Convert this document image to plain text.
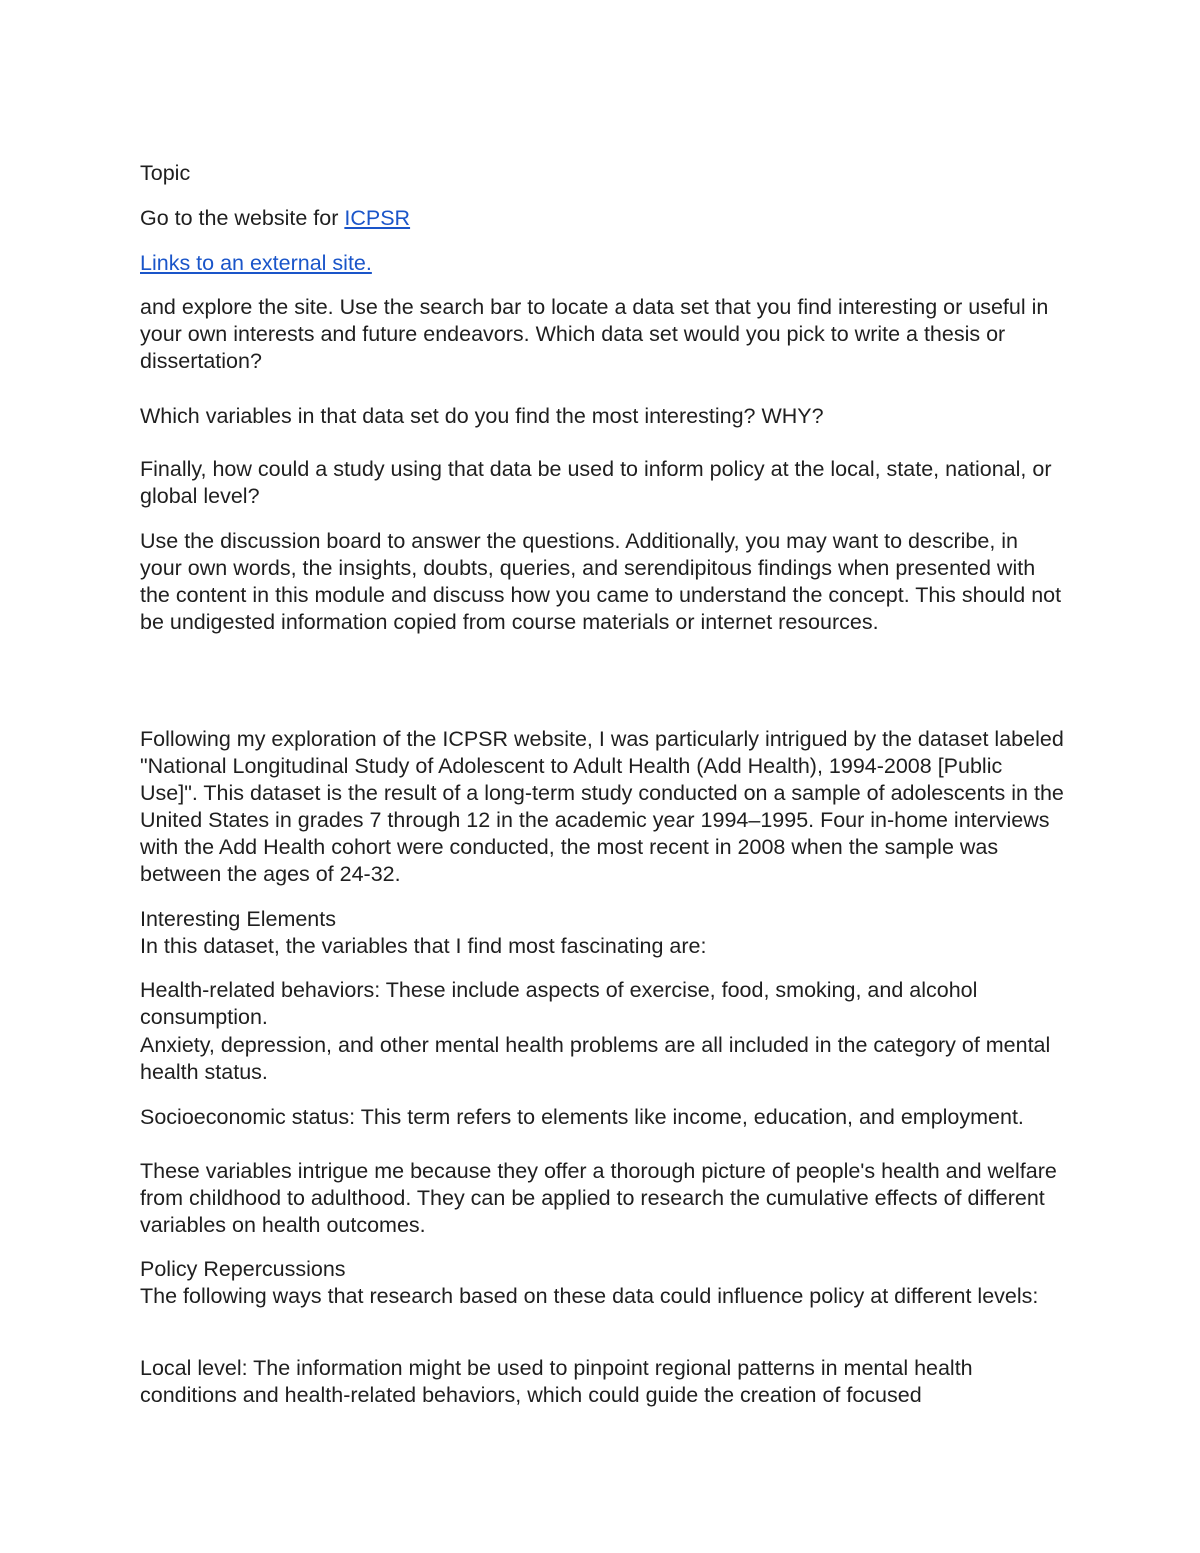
Topic

Go to the website for ICPSR

Links to an external site.

and explore the site. Use the search bar to locate a data set that you find interesting or useful in your own interests and future endeavors. Which data set would you pick to write a thesis or dissertation?

Which variables in that data set do you find the most interesting? WHY?

Finally, how could a study using that data be used to inform policy at the local, state, national, or global level?

Use the discussion board to answer the questions. Additionally, you may want to describe, in your own words, the insights, doubts, queries, and serendipitous findings when presented with the content in this module and discuss how you came to understand the concept. This should not be undigested information copied from course materials or internet resources.

Following my exploration of the ICPSR website, I was particularly intrigued by the dataset labeled "National Longitudinal Study of Adolescent to Adult Health (Add Health), 1994-2008 [Public Use]". This dataset is the result of a long-term study conducted on a sample of adolescents in the United States in grades 7 through 12 in the academic year 1994–1995. Four in-home interviews with the Add Health cohort were conducted, the most recent in 2008 when the sample was between the ages of 24-32.

Interesting Elements

In this dataset, the variables that I find most fascinating are:

Health-related behaviors: These include aspects of exercise, food, smoking, and alcohol consumption.

Anxiety, depression, and other mental health problems are all included in the category of mental health status.

Socioeconomic status: This term refers to elements like income, education, and employment.

These variables intrigue me because they offer a thorough picture of people's health and welfare from childhood to adulthood. They can be applied to research the cumulative effects of different variables on health outcomes.

Policy Repercussions

The following ways that research based on these data could influence policy at different levels:

Local level: The information might be used to pinpoint regional patterns in mental health conditions and health-related behaviors, which could guide the creation of focused
